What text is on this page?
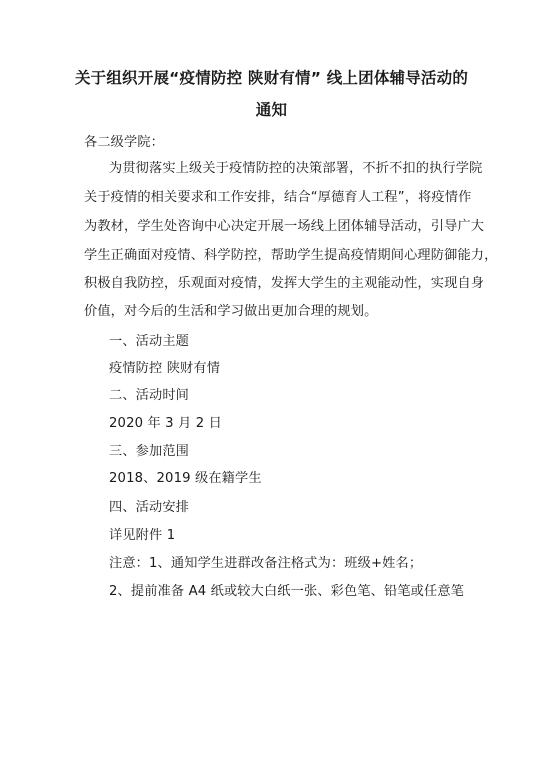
关于组织开展“疫情防控 陕财有情” 线上团体辅导活动的
通知
各二级学院：
为贯彻落实上级关于疫情防控的决策部署，不折不扣的执行学院
关于疫情的相关要求和工作安排，结合“厚德育人工程”，将疫情作
为教材，学生处咨询中心决定开展一场线上团体辅导活动，引导广大
学生正确面对疫情、科学防控，帮助学生提高疫情期间心理防御能力，
积极自我防控，乐观面对疫情，发挥大学生的主观能动性，实现自身
价值，对今后的生活和学习做出更加合理的规划。
一、活动主题
疫情防控 陕财有情
二、活动时间
2020 年 3 月 2 日
三、参加范围
2018、2019 级在籍学生
四、活动安排
详见附件 1
注意：1、通知学生进群改备注格式为：班级+姓名；
2、提前准备 A4 纸或较大白纸一张、彩色笔、铅笔或任意笔
